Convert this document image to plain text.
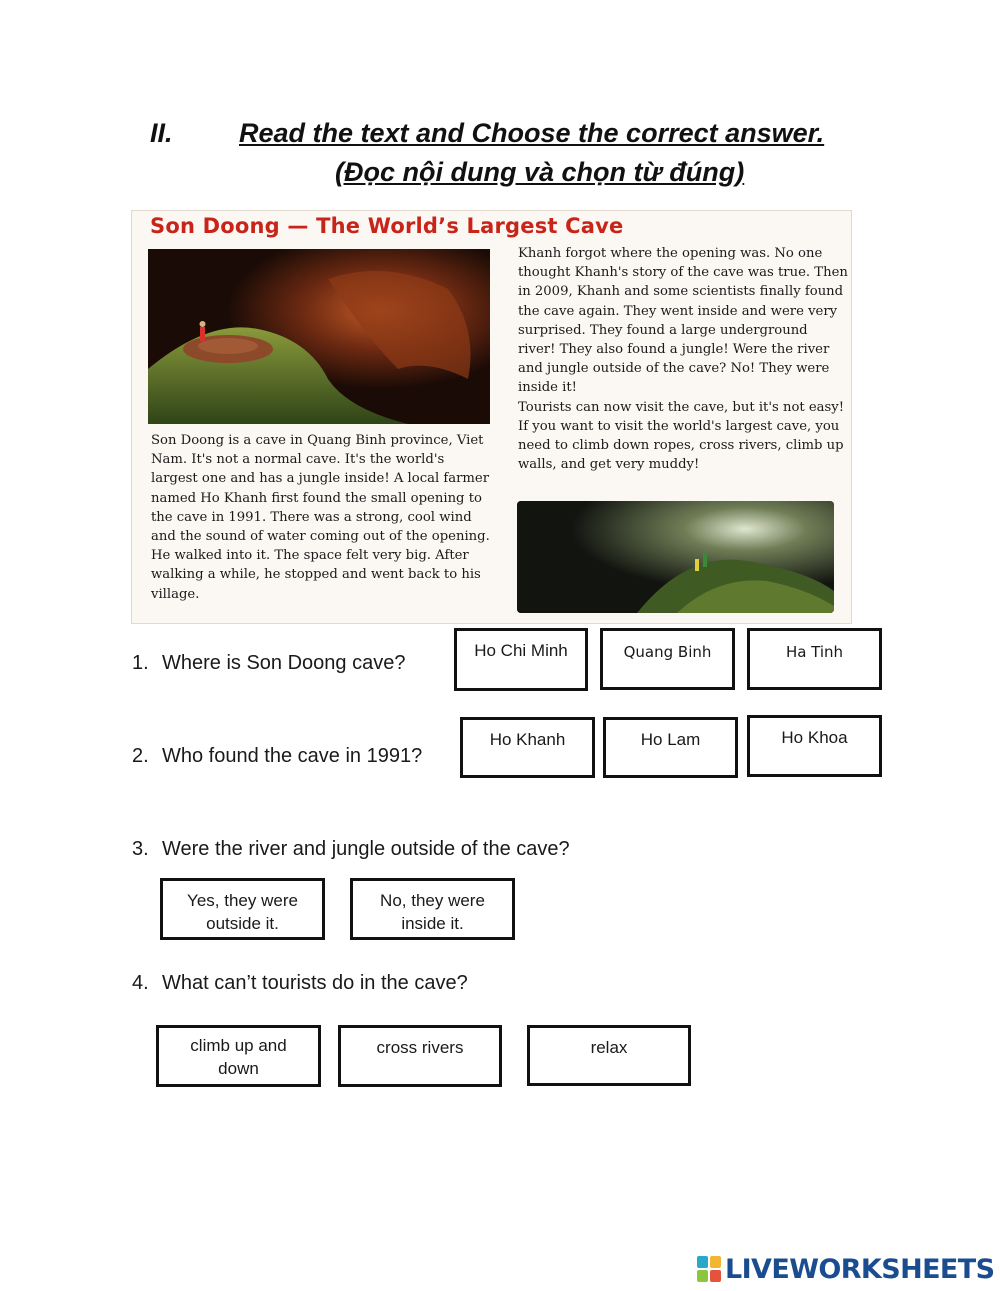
II. Read the text and Choose the correct answer.
(Đọc nội dung và chọn từ đúng)
Son Doong — The World’s Largest Cave

Son Doong is a cave in Quang Binh province, Viet Nam. It's not a normal cave. It's the world's largest one and has a jungle inside! A local farmer named Ho Khanh first found the small opening to the cave in 1991. There was a strong, cool wind and the sound of water coming out of the opening. He walked into it. The space felt very big. After walking a while, he stopped and went back to his village.

Khanh forgot where the opening was. No one thought Khanh's story of the cave was true. Then in 2009, Khanh and some scientists finally found the cave again. They went inside and were very surprised. They found a large underground river! They also found a jungle! Were the river and jungle outside of the cave? No! They were inside it!

Tourists can now visit the cave, but it's not easy! If you want to visit the world's largest cave, you need to climb down ropes, cross rivers, climb up walls, and get very muddy!

1. Where is Son Doong cave?
Ho Chi Minh	Quang Binh	Ha Tinh
2. Who found the cave in 1991?
Ho Khanh	Ho Lam	Ho Khoa
3. Were the river and jungle outside of the cave?
Yes, they were outside it.
No, they were inside it.
4. What can’t tourists do in the cave?
climb up and down
cross rivers	relax
LIVEWORKSHEETS
